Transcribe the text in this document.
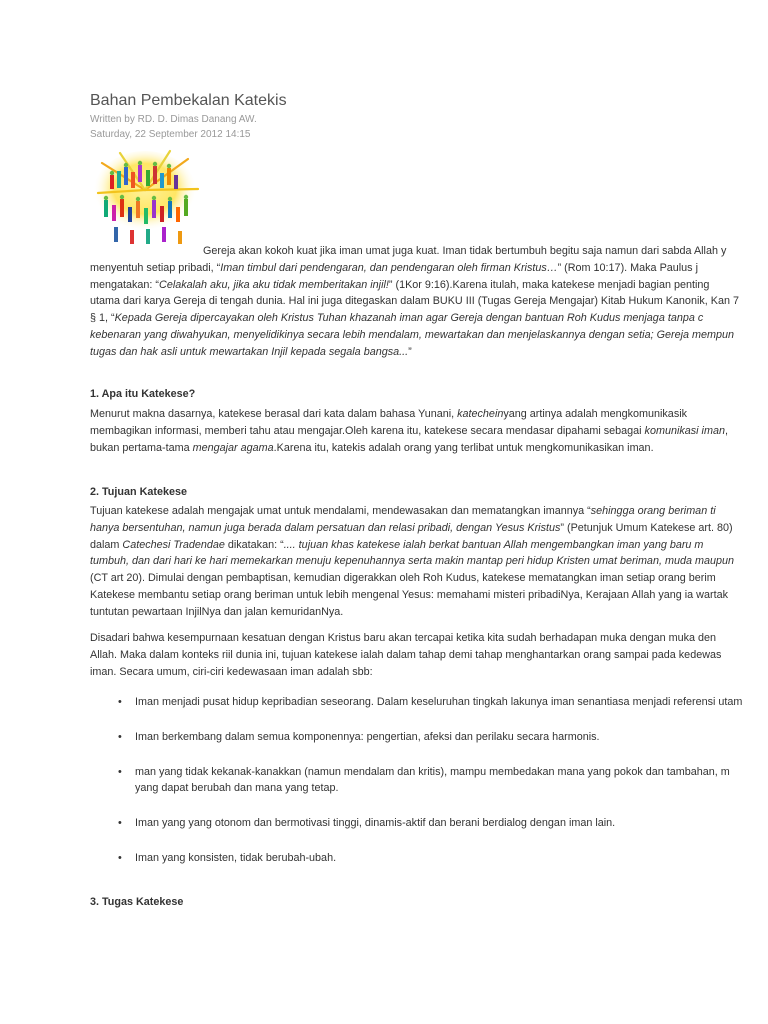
Bahan Pembekalan Katekis
Written by RD. D. Dimas Danang AW.
Saturday, 22 September 2012 14:15

Gereja akan kokoh kuat jika iman umat juga kuat. Iman tidak bertumbuh begitu saja namun dari sabda Allah y

menyentuh setiap pribadi, “Iman timbul dari pendengaran, dan pendengaran oleh firman Kristus…” (Rom 10:17). Maka Paulus j

mengatakan: “Celakalah aku, jika aku tidak memberitakan injil!” (1Kor 9:16).Karena itulah, maka katekese menjadi bagian penting

utama dari karya Gereja di tengah dunia. Hal ini juga ditegaskan dalam BUKU III (Tugas Gereja Mengajar) Kitab Hukum Kanonik, Kan 7

§ 1, “Kepada Gereja dipercayakan oleh Kristus Tuhan khazanah iman agar Gereja dengan bantuan Roh Kudus menjaga tanpa c

kebenaran yang diwahyukan, menyelidikinya secara lebih mendalam, mewartakan dan menjelaskannya dengan setia; Gereja mempun

tugas dan hak asli untuk mewartakan Injil kepada segala bangsa...”

1. Apa itu Katekese?

Menurut makna dasarnya, katekese berasal dari kata dalam bahasa Yunani, katecheinyang artinya adalah mengkomunikasik

membagikan informasi, memberi tahu atau mengajar.Oleh karena itu, katekese secara mendasar dipahami sebagai komunikasi iman,

bukan pertama-tama mengajar agama.Karena itu, katekis adalah orang yang terlibat untuk mengkomunikasikan iman.

2. Tujuan Katekese

Tujuan katekese adalah mengajak umat untuk mendalami, mendewasakan dan mematangkan imannya “sehingga orang beriman ti

hanya bersentuhan, namun juga berada dalam persatuan dan relasi pribadi, dengan Yesus Kristus” (Petunjuk Umum Katekese art. 80)

dalam Catechesi Tradendae dikatakan: “.... tujuan khas katekese ialah berkat bantuan Allah mengembangkan iman yang baru m

tumbuh, dan dari hari ke hari memekarkan menuju kepenuhannya serta makin mantap peri hidup Kristen umat beriman, muda maupun

(CT art 20). Dimulai dengan pembaptisan, kemudian digerakkan oleh Roh Kudus, katekese mematangkan iman setiap orang berim

Katekese membantu setiap orang beriman untuk lebih mengenal Yesus: memahami misteri pribadiNya, Kerajaan Allah yang ia wartak

tuntutan pewartaan InjilNya dan jalan kemuridanNya.

Disadari bahwa kesempurnaan kesatuan dengan Kristus baru akan tercapai ketika kita sudah berhadapan muka dengan muka den

Allah. Maka dalam konteks riil dunia ini, tujuan katekese ialah dalam tahap demi tahap menghantarkan orang sampai pada kedewas

iman. Secara umum, ciri-ciri kedewasaan iman adalah sbb:

• Iman menjadi pusat hidup kepribadian seseorang. Dalam keseluruhan tingkah lakunya iman senantiasa menjadi referensi utam
• Iman berkembang dalam semua komponennya: pengertian, afeksi dan perilaku secara harmonis.
• man yang tidak kekanak-kanakkan (namun mendalam dan kritis), mampu membedakan mana yang pokok dan tambahan, m
yang dapat berubah dan mana yang tetap.
• Iman yang yang otonom dan bermotivasi tinggi, dinamis-aktif dan berani berdialog dengan iman lain.
• Iman yang konsisten, tidak berubah-ubah.
3. Tugas Katekese
